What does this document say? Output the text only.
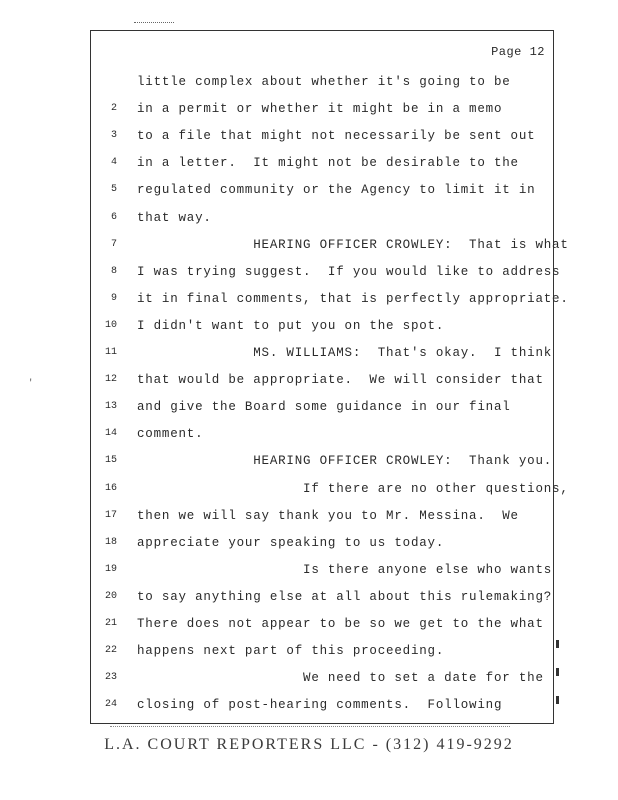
Page 12
little complex about whether it's going to be
2 in a permit or whether it might be in a memo
3 to a file that might not necessarily be sent out
4 in a letter.  It might not be desirable to the
5 regulated community or the Agency to limit it in
6 that way.
7 HEARING OFFICER CROWLEY:  That is what
8 I was trying suggest.  If you would like to address
9 it in final comments, that is perfectly appropriate.
10 I didn't want to put you on the spot.
11 MS. WILLIAMS:  That's okay.  I think
12 that would be appropriate.  We will consider that
13 and give the Board some guidance in our final
14 comment.
15 HEARING OFFICER CROWLEY:  Thank you.
16 If there are no other questions,
17 then we will say thank you to Mr. Messina.  We
18 appreciate your speaking to us today.
19 Is there anyone else who wants
20 to say anything else at all about this rulemaking?
21 There does not appear to be so we get to the what
22 happens next part of this proceeding.
23 We need to set a date for the
24 closing of post-hearing comments.  Following
'
L.A. COURT REPORTERS LLC - (312) 419-9292
